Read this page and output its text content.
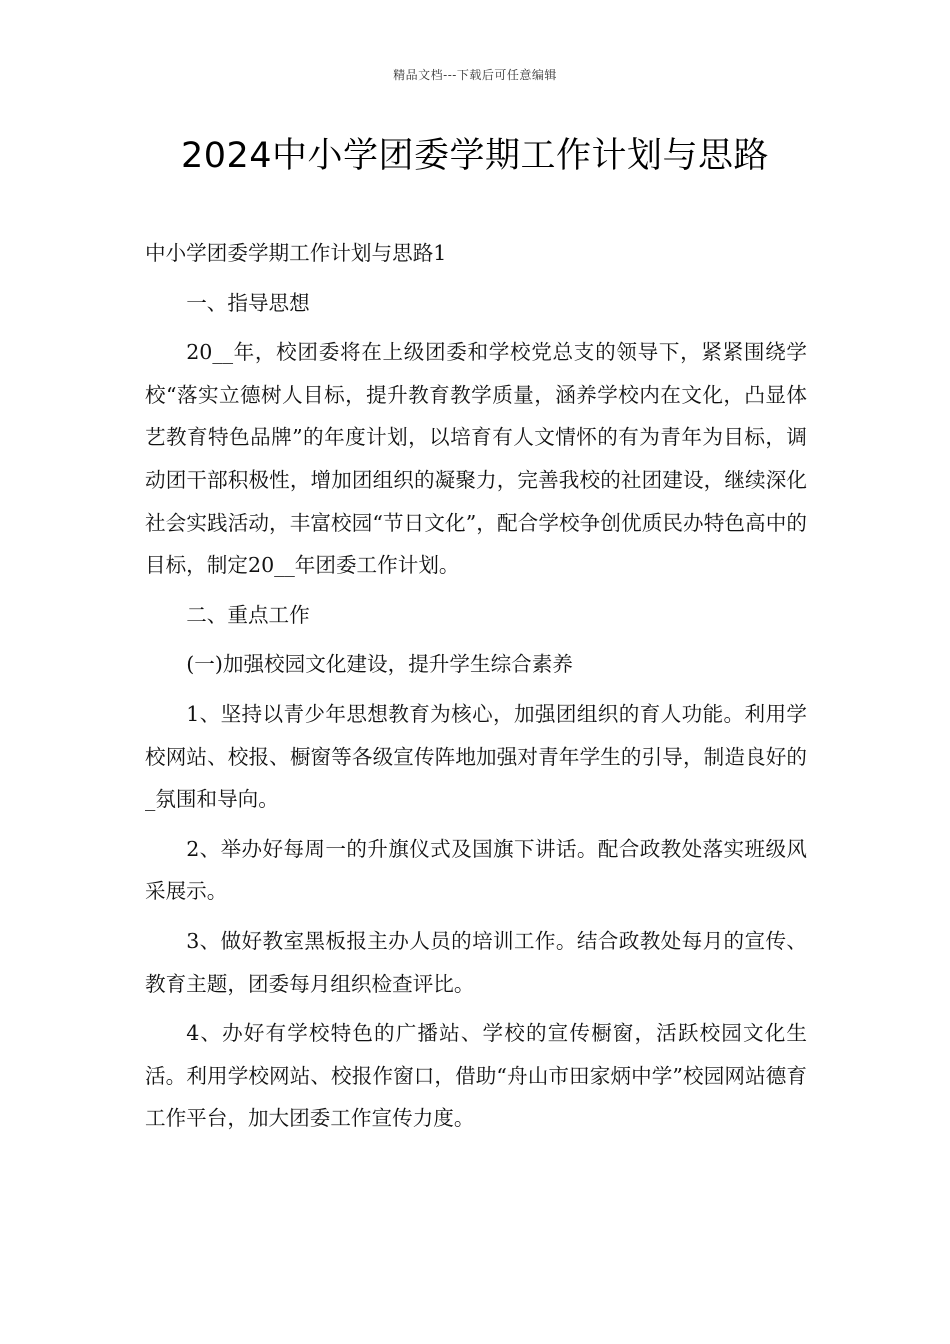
精品文档---下载后可任意编辑
2024中小学团委学期工作计划与思路

中小学团委学期工作计划与思路1

一、指导思想

20__年，校团委将在上级团委和学校党总支的领导下，紧紧围绕学校“落实立德树人目标，提升教育教学质量，涵养学校内在文化，凸显体艺教育特色品牌”的年度计划，以培育有人文情怀的有为青年为目标，调动团干部积极性，增加团组织的凝聚力，完善我校的社团建设，继续深化社会实践活动，丰富校园“节日文化”，配合学校争创优质民办特色高中的目标，制定20__年团委工作计划。

二、重点工作

(一)加强校园文化建设，提升学生综合素养

1、坚持以青少年思想教育为核心，加强团组织的育人功能。利用学校网站、校报、橱窗等各级宣传阵地加强对青年学生的引导，制造良好的_氛围和导向。

2、举办好每周一的升旗仪式及国旗下讲话。配合政教处落实班级风采展示。

3、做好教室黑板报主办人员的培训工作。结合政教处每月的宣传、教育主题，团委每月组织检查评比。

4、办好有学校特色的广播站、学校的宣传橱窗，活跃校园文化生活。利用学校网站、校报作窗口，借助“舟山市田家炳中学”校园网站德育工作平台，加大团委工作宣传力度。
